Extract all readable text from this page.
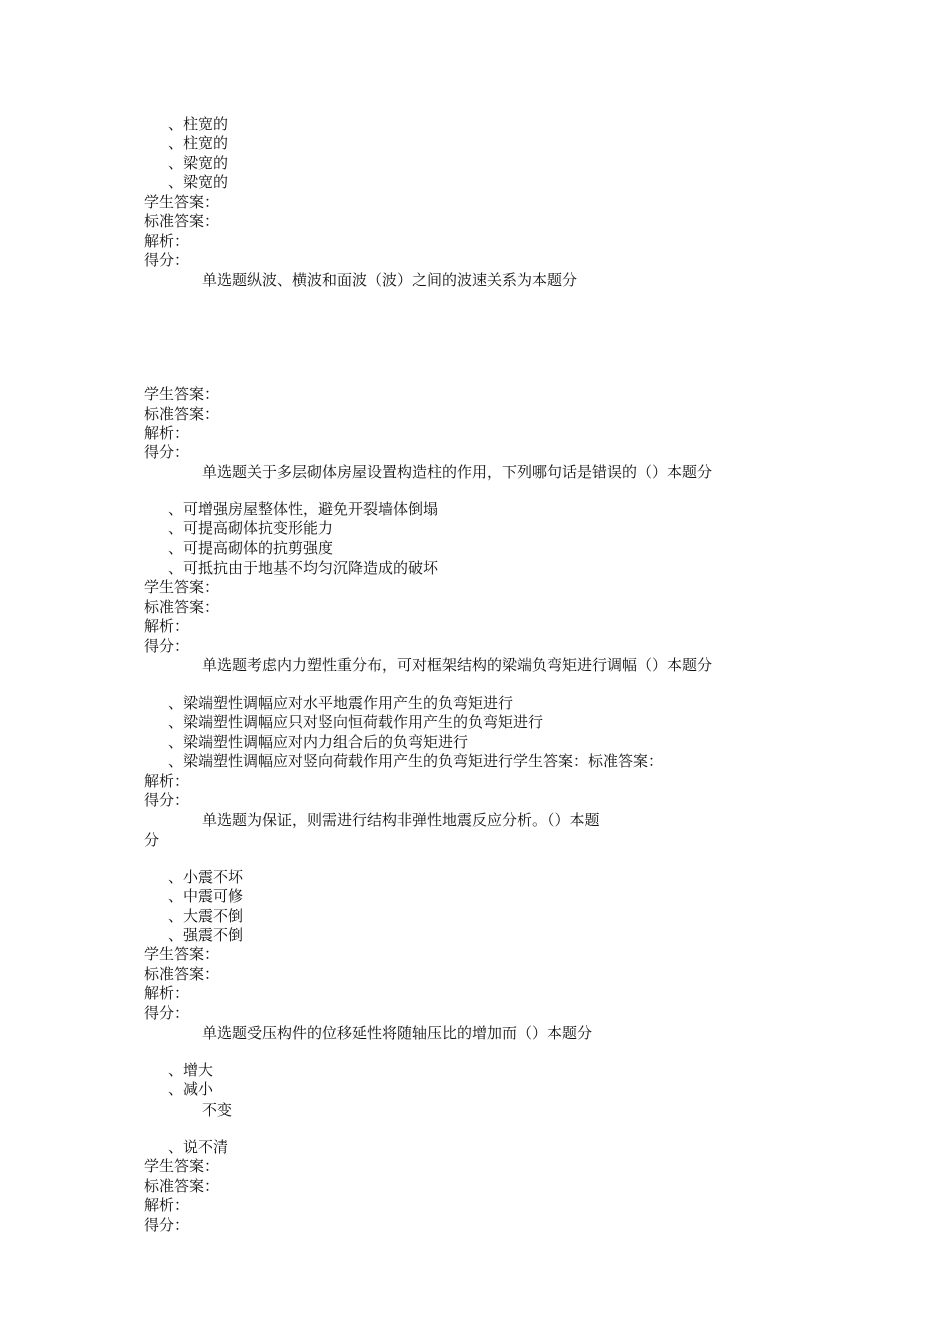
、柱宽的
、柱宽的
、梁宽的
、梁宽的
学生答案：
标准答案：
解析：
得分：
单选题纵波、横波和面波（波）之间的波速关系为本题分
学生答案：
标准答案：
解析：
得分：
单选题关于多层砌体房屋设置构造柱的作用，下列哪句话是错误的（）本题分
、可增强房屋整体性，避免开裂墙体倒塌
、可提高砌体抗变形能力
、可提高砌体的抗剪强度
、可抵抗由于地基不均匀沉降造成的破坏
学生答案：
标准答案：
解析：
得分：
单选题考虑内力塑性重分布，可对框架结构的梁端负弯矩进行调幅（）本题分
、梁端塑性调幅应对水平地震作用产生的负弯矩进行
、梁端塑性调幅应只对竖向恒荷载作用产生的负弯矩进行
、梁端塑性调幅应对内力组合后的负弯矩进行
、梁端塑性调幅应对竖向荷载作用产生的负弯矩进行学生答案：标准答案：
解析：
得分：
单选题为保证，则需进行结构非弹性地震反应分析。（）本题
分
、小震不坏
、中震可修
、大震不倒
、强震不倒
学生答案：
标准答案：
解析：
得分：
单选题受压构件的位移延性将随轴压比的增加而（）本题分
、增大
、减小
不变
、说不清
学生答案：
标准答案：
解析：
得分：
